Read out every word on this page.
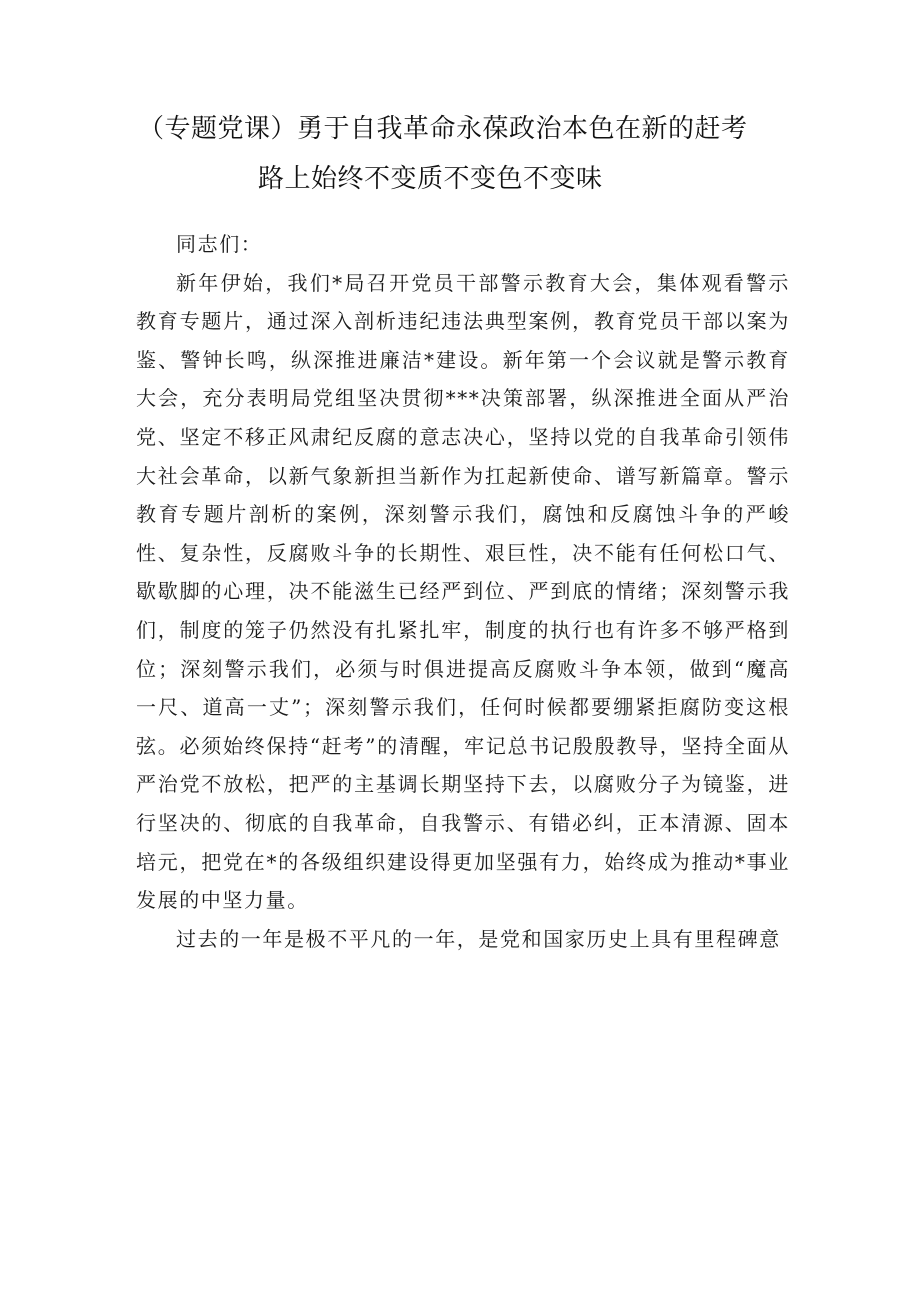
（专题党课）勇于自我革命永葆政治本色在新的赶考
路上始终不变质不变色不变味

同志们：

新年伊始，我们*局召开党员干部警示教育大会，集体观看警示教育专题片，通过深入剖析违纪违法典型案例，教育党员干部以案为鉴、警钟长鸣，纵深推进廉洁*建设。新年第一个会议就是警示教育大会，充分表明局党组坚决贯彻***决策部署，纵深推进全面从严治党、坚定不移正风肃纪反腐的意志决心，坚持以党的自我革命引领伟大社会革命，以新气象新担当新作为扛起新使命、谱写新篇章。警示教育专题片剖析的案例，深刻警示我们，腐蚀和反腐蚀斗争的严峻性、复杂性，反腐败斗争的长期性、艰巨性，决不能有任何松口气、歇歇脚的心理，决不能滋生已经严到位、严到底的情绪；深刻警示我们，制度的笼子仍然没有扎紧扎牢，制度的执行也有许多不够严格到位；深刻警示我们，必须与时俱进提高反腐败斗争本领，做到“魔高一尺、道高一丈”；深刻警示我们，任何时候都要绷紧拒腐防变这根弦。必须始终保持“赶考”的清醒，牢记总书记殷殷教导，坚持全面从严治党不放松，把严的主基调长期坚持下去，以腐败分子为镜鉴，进行坚决的、彻底的自我革命，自我警示、有错必纠，正本清源、固本培元，把党在*的各级组织建设得更加坚强有力，始终成为推动*事业发展的中坚力量。

过去的一年是极不平凡的一年，是党和国家历史上具有里程碑意
